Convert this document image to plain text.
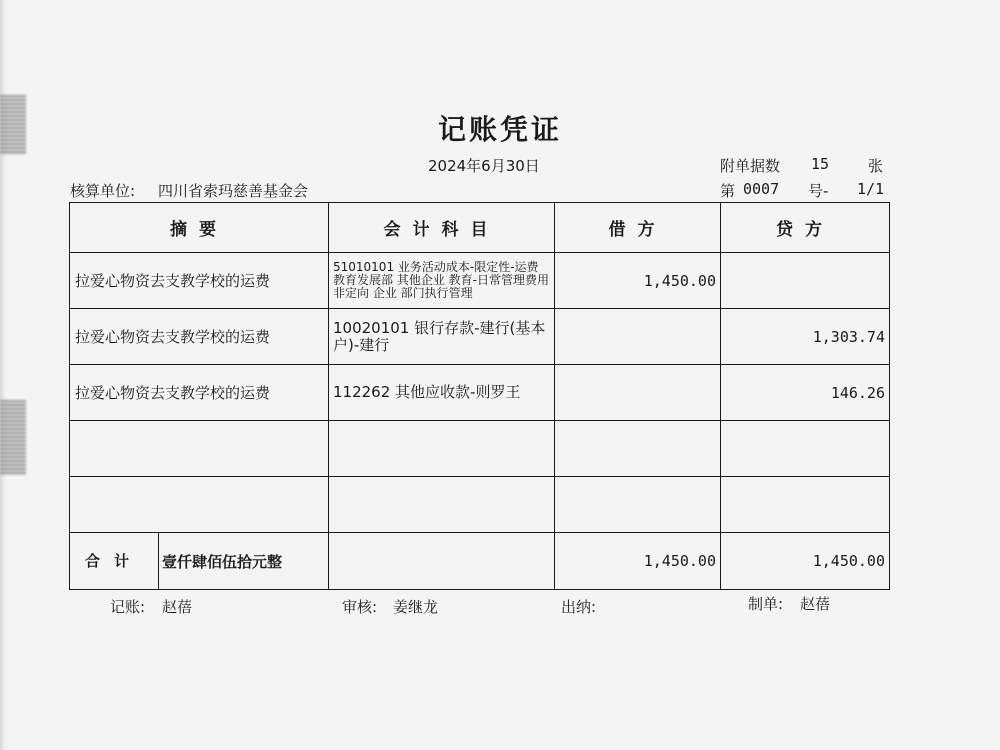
记账凭证
2024年6月30日	附单据数 15	张
核算单位: 四川省索玛慈善基金会	第 0007 号- 1/1
摘要	会计科目	借方	贷方
拉爱心物资去支教学校的运费	51010101 业务活动成本-限定性-运费 教育发展部 其他企业 教育-日常管理费用 非定向 企业 部门执行管理	1,450.00	
拉爱心物资去支教学校的运费	10020101 银行存款-建行(基本户)-建行		1,303.74
拉爱心物资去支教学校的运费	112262 其他应收款-则罗王		146.26

合计 壹仟肆佰伍拾元整		1,450.00	1,450.00
记账: 赵蓓	审核: 姜继龙	出纳:	制单: 赵蓓
